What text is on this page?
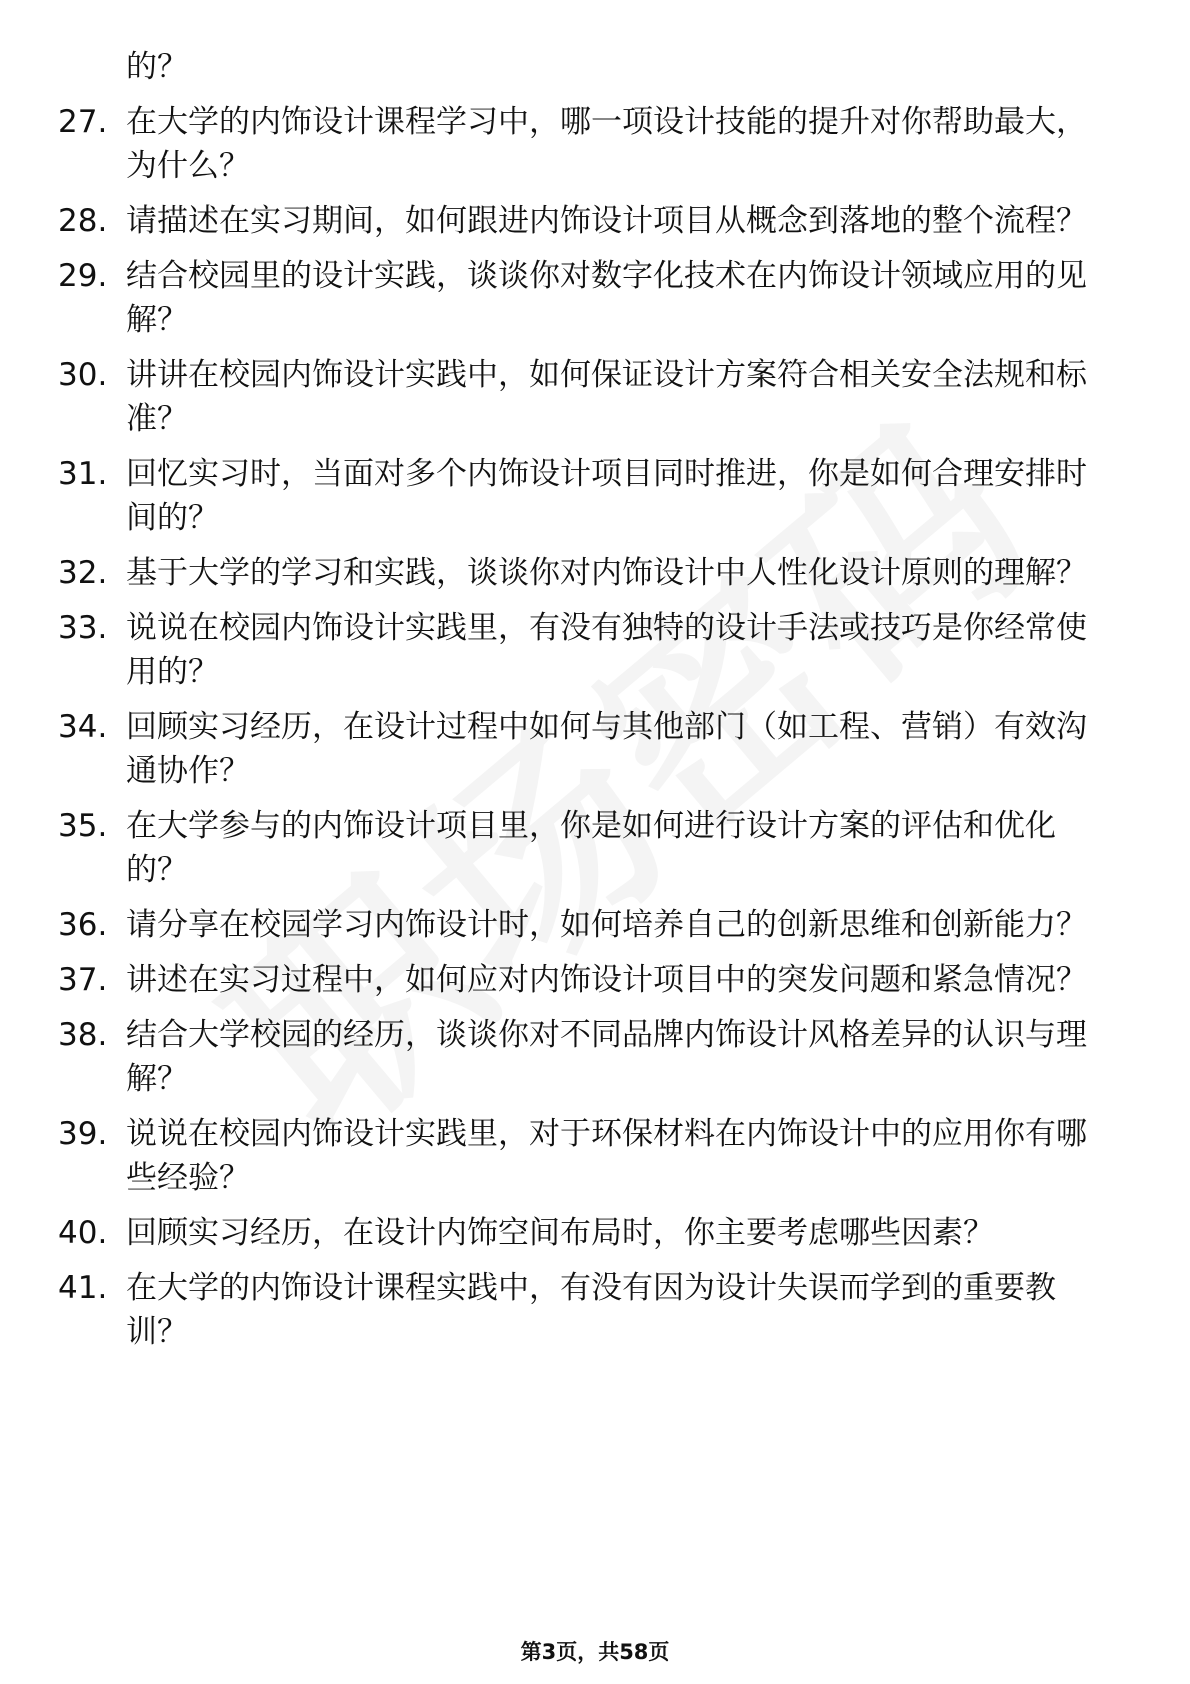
的？
27. 在大学的内饰设计课程学习中，哪一项设计技能的提升对你帮助最大，为什么？
28. 请描述在实习期间，如何跟进内饰设计项目从概念到落地的整个流程？
29. 结合校园里的设计实践，谈谈你对数字化技术在内饰设计领域应用的见解？
30. 讲讲在校园内饰设计实践中，如何保证设计方案符合相关安全法规和标准？
31. 回忆实习时，当面对多个内饰设计项目同时推进，你是如何合理安排时间的？
32. 基于大学的学习和实践，谈谈你对内饰设计中人性化设计原则的理解？
33. 说说在校园内饰设计实践里，有没有独特的设计手法或技巧是你经常使用的？
34. 回顾实习经历，在设计过程中如何与其他部门（如工程、营销）有效沟通协作？
35. 在大学参与的内饰设计项目里，你是如何进行设计方案的评估和优化的？
36. 请分享在校园学习内饰设计时，如何培养自己的创新思维和创新能力？
37. 讲述在实习过程中，如何应对内饰设计项目中的突发问题和紧急情况？
38. 结合大学校园的经历，谈谈你对不同品牌内饰设计风格差异的认识与理解？
39. 说说在校园内饰设计实践里，对于环保材料在内饰设计中的应用你有哪些经验？
40. 回顾实习经历，在设计内饰空间布局时，你主要考虑哪些因素？
41. 在大学的内饰设计课程实践中，有没有因为设计失误而学到的重要教训？
第3页，共58页
